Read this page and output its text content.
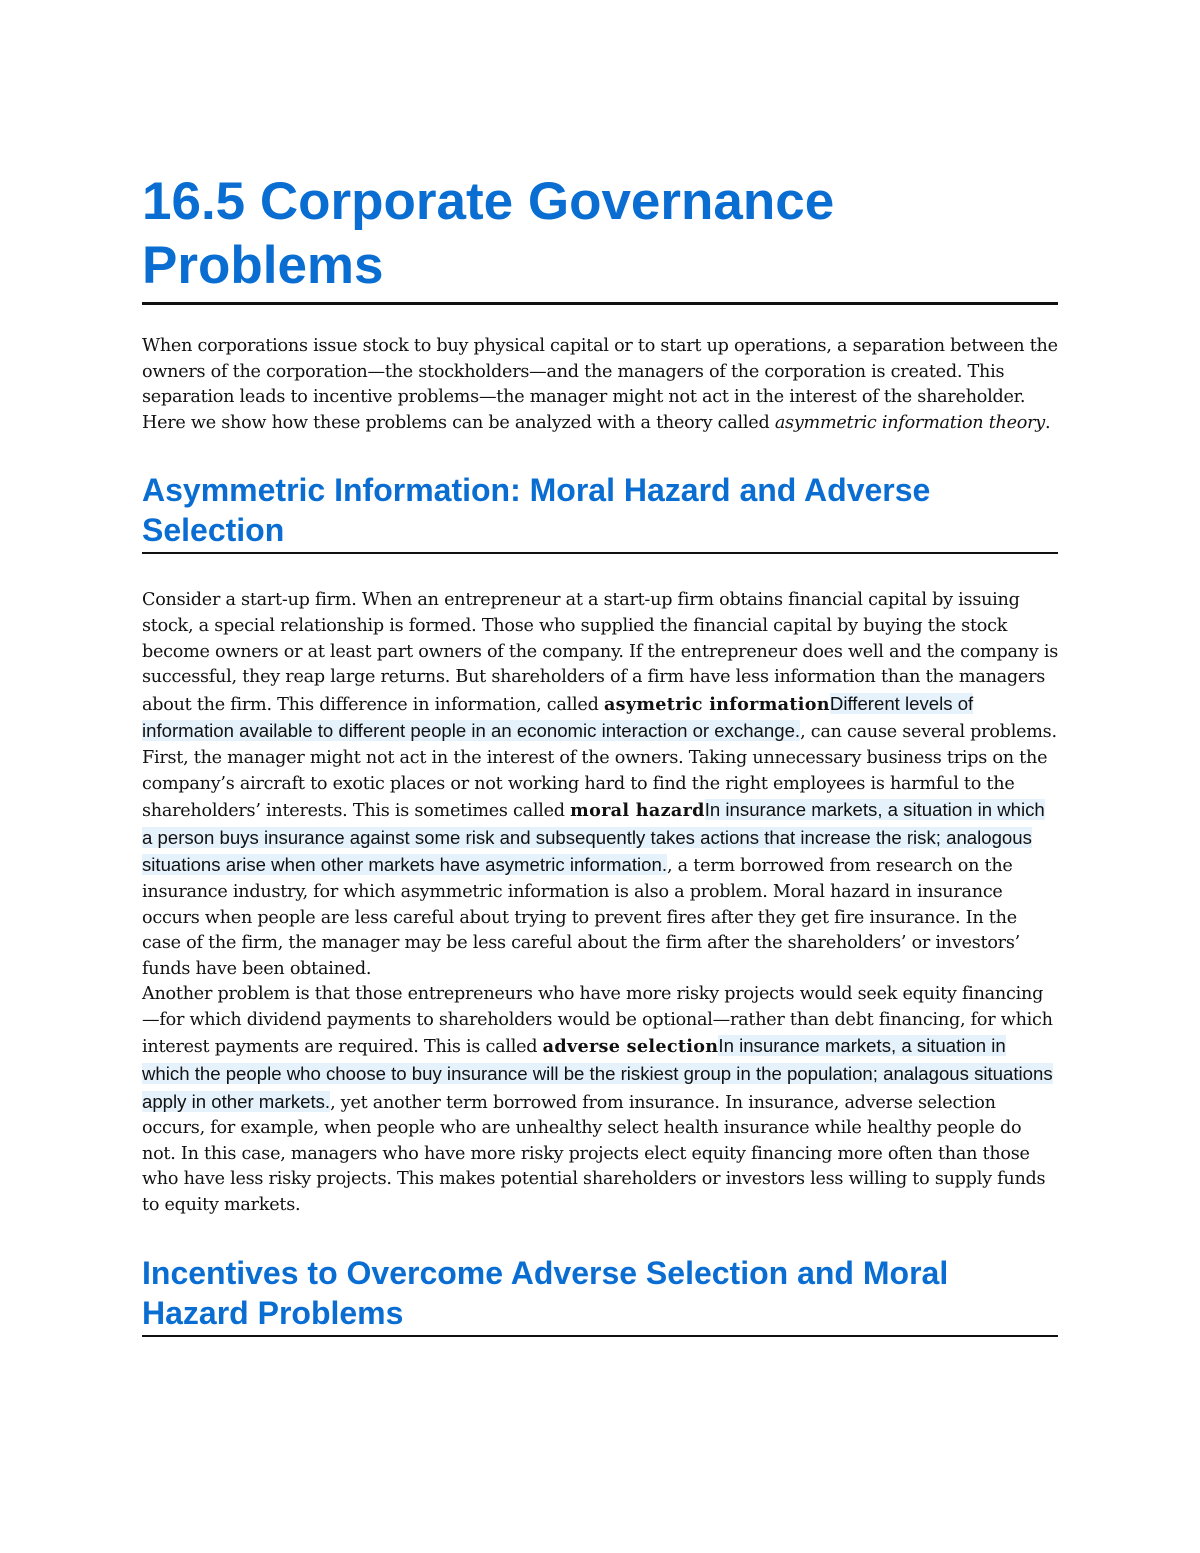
16.5 Corporate Governance Problems

When corporations issue stock to buy physical capital or to start up operations, a separation between the owners of the corporation—the stockholders—and the managers of the corporation is created. This separation leads to incentive problems—the manager might not act in the interest of the shareholder. Here we show how these problems can be analyzed with a theory called asymmetric information theory.

Asymmetric Information: Moral Hazard and Adverse Selection

Consider a start-up firm. When an entrepreneur at a start-up firm obtains financial capital by issuing stock, a special relationship is formed. Those who supplied the financial capital by buying the stock become owners or at least part owners of the company. If the entrepreneur does well and the company is successful, they reap large returns. But shareholders of a firm have less information than the managers about the firm. This difference in information, called asymetric informationDifferent levels of information available to different people in an economic interaction or exchange., can cause several problems. First, the manager might not act in the interest of the owners. Taking unnecessary business trips on the company’s aircraft to exotic places or not working hard to find the right employees is harmful to the shareholders’ interests. This is sometimes called moral hazardIn insurance markets, a situation in which a person buys insurance against some risk and subsequently takes actions that increase the risk; analogous situations arise when other markets have asymetric information., a term borrowed from research on the insurance industry, for which asymmetric information is also a problem. Moral hazard in insurance occurs when people are less careful about trying to prevent fires after they get fire insurance. In the case of the firm, the manager may be less careful about the firm after the shareholders’ or investors’ funds have been obtained.

Another problem is that those entrepreneurs who have more risky projects would seek equity financing—for which dividend payments to shareholders would be optional—rather than debt financing, for which interest payments are required. This is called adverse selectionIn insurance markets, a situation in which the people who choose to buy insurance will be the riskiest group in the population; analagous situations apply in other markets., yet another term borrowed from insurance. In insurance, adverse selection occurs, for example, when people who are unhealthy select health insurance while healthy people do not. In this case, managers who have more risky projects elect equity financing more often than those who have less risky projects. This makes potential shareholders or investors less willing to supply funds to equity markets.

Incentives to Overcome Adverse Selection and Moral Hazard Problems
